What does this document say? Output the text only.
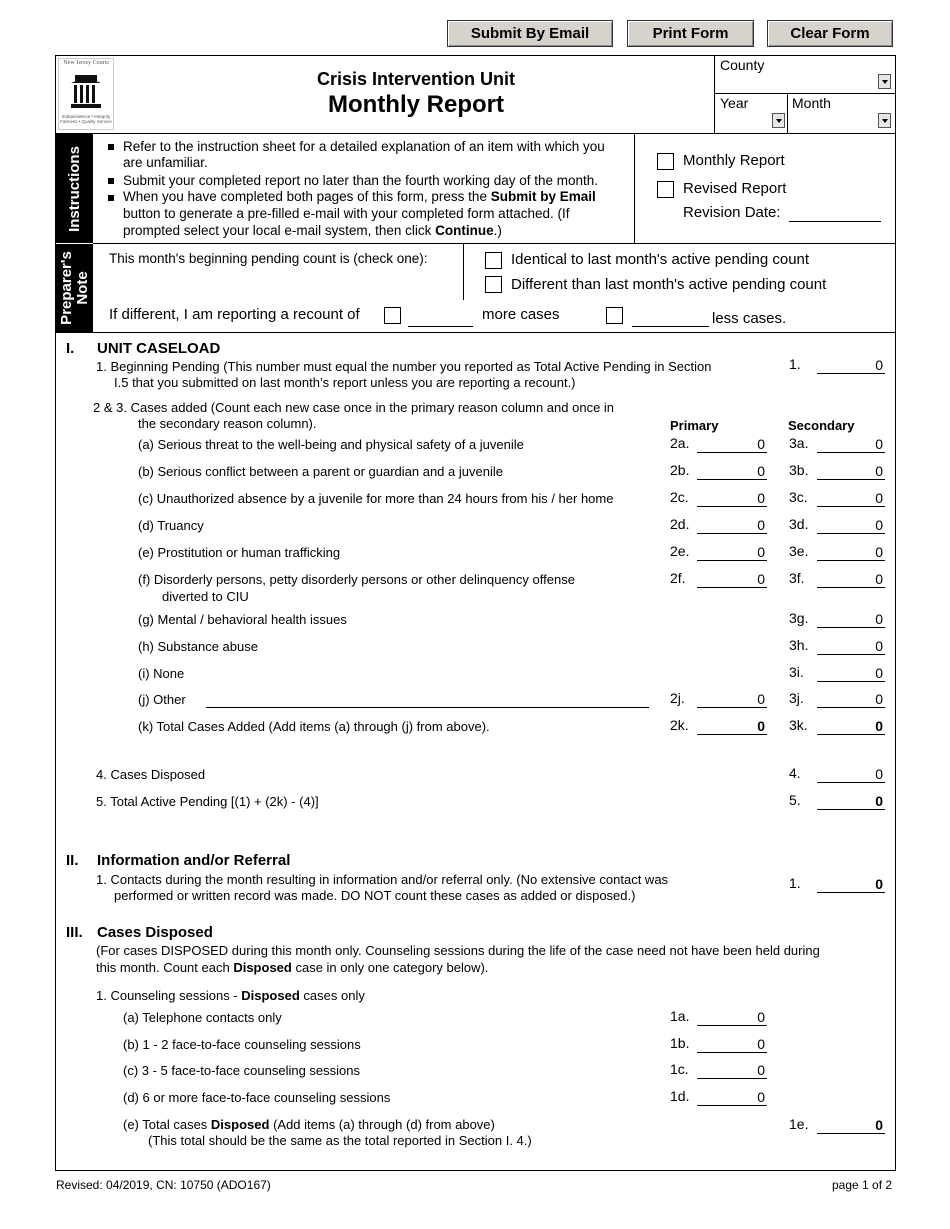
Submit By Email	Print Form	Clear Form
New Jersey Courts
Independence • Integrity Fairness • Quality Service
Crisis Intervention Unit
Monthly Report
County
Year	Month
Instructions	Refer to the instruction sheet for a detailed explanation of an item with which you
are unfamiliar.
Submit your completed report no later than the fourth working day of the month.
When you have completed both pages of this form, press the Submit by Email
button to generate a pre-filled e-mail with your completed form attached. (If
prompted select your local e-mail system, then click Continue.)
Monthly Report
Revised Report
Revision Date:
Preparer's
Note
This month's beginning pending count is (check one):	Identical to last month's active pending count
Different than last month's active pending count
If different, I am reporting a recount of	more cases	less cases.
I. UNIT CASELOAD
1. Beginning Pending (This number must equal the number you reported as Total Active Pending in Section
I.5 that you submitted on last month’s report unless you are reporting a recount.)
1.	0
2 & 3. Cases added (Count each new case once in the primary reason column and once in
the secondary reason column).	Primary	Secondary
(a) Serious threat to the well-being and physical safety of a juvenile	2a.	0 3a.	0
(b) Serious conflict between a parent or guardian and a juvenile	2b.	0 3b.	0
(c) Unauthorized absence by a juvenile for more than 24 hours from his / her home	2c.	0 3c.	0
(d) Truancy	2d.	0 3d.	0
(e) Prostitution or human trafficking	2e.	0 3e.	0
(f) Disorderly persons, petty disorderly persons or other delinquency offense
diverted to CIU
2f.	0 3f.	0
(g) Mental / behavioral health issues	3g.	0
(h) Substance abuse	3h.	0
(i) None	3i.	0
(j) Other	2j.	0 3j.	0
(k) Total Cases Added (Add items (a) through (j) from above).	2k.	0 3k.	0
4. Cases Disposed	4.	0
5. Total Active Pending [(1) + (2k) - (4)]	5.	0
II. Information and/or Referral
1. Contacts during the month resulting in information and/or referral only. (No extensive contact was
performed or written record was made. DO NOT count these cases as added or disposed.)
1.	0
III. Cases Disposed
(For cases DISPOSED during this month only. Counseling sessions during the life of the case need not have been held during
this month. Count each Disposed case in only one category below).
1. Counseling sessions - Disposed cases only
(a) Telephone contacts only	1a.	0
(b) 1 - 2 face-to-face counseling sessions	1b.	0
(c) 3 - 5 face-to-face counseling sessions	1c.	0
(d) 6 or more face-to-face counseling sessions	1d.	0
(e) Total cases Disposed (Add items (a) through (d) from above)
(This total should be the same as the total reported in Section I. 4.)
1e.	0
Revised: 04/2019, CN: 10750 (ADO167)	page 1 of 2
